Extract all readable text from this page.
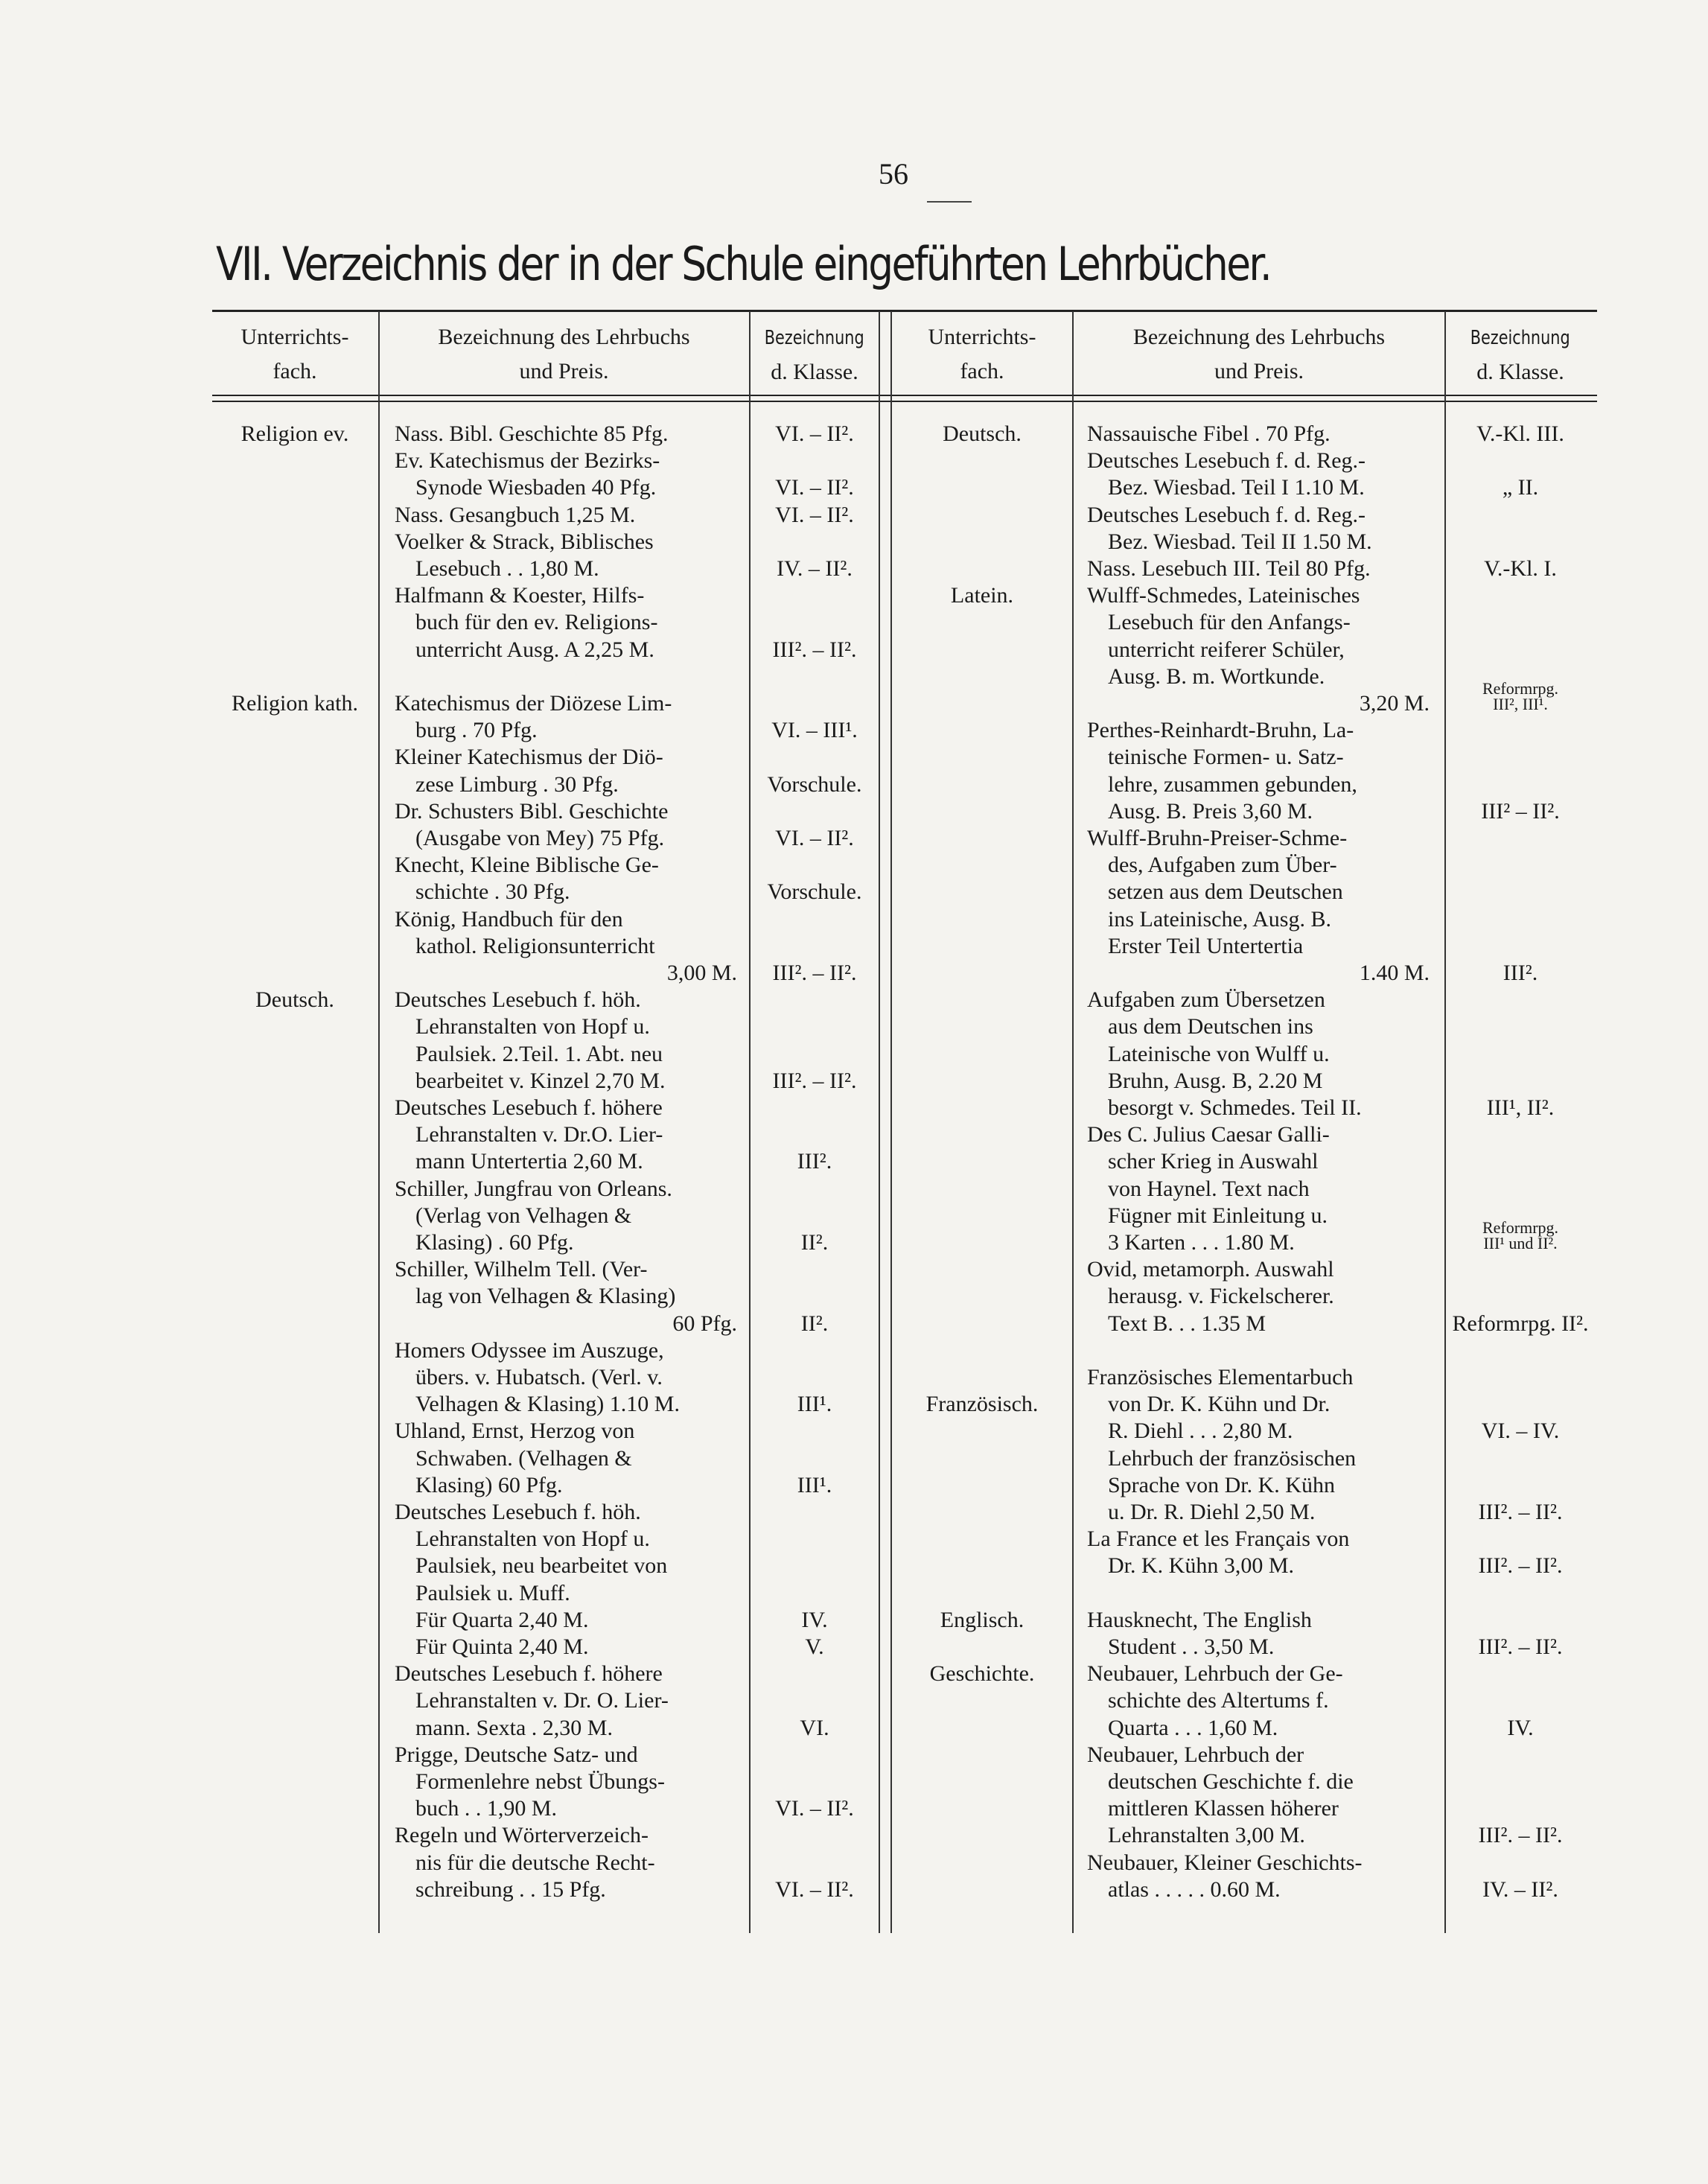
56
VII. Verzeichnis der in der Schule eingeführten Lehrbücher.
Unterrichts-
fach.
Bezeichnung des Lehrbuchs
und Preis.
Bezeichnung
d. Klasse.
Unterrichts-
fach.
Bezeichnung des Lehrbuchs
und Preis.
Bezeichnung
d. Klasse.
Religion ev.
Religion kath.
Deutsch.
Nass. Bibl. Geschichte 85 Pfg.
Ev. Katechismus der Bezirks-
Synode Wiesbaden 40 Pfg.
Nass. Gesangbuch 1,25 M.
Voelker & Strack, Biblisches
Lesebuch . . 1,80 M.
Halfmann & Koester, Hilfs-
buch für den ev. Religions-
unterricht Ausg. A 2,25 M.
Katechismus der Diözese Lim-
burg . 70 Pfg.
Kleiner Katechismus der Diö-
zese Limburg . 30 Pfg.
Dr. Schusters Bibl. Geschichte
(Ausgabe von Mey) 75 Pfg.
Knecht, Kleine Biblische Ge-
schichte . 30 Pfg.
König, Handbuch für den
kathol. Religionsunterricht
3,00 M.
Deutsches Lesebuch f. höh.
Lehranstalten von Hopf u.
Paulsiek. 2.Teil. 1. Abt. neu
bearbeitet v. Kinzel 2,70 M.
Deutsches Lesebuch f. höhere
Lehranstalten v. Dr.O. Lier-
mann Untertertia 2,60 M.
Schiller, Jungfrau von Orleans.
(Verlag von Velhagen &
Klasing) . 60 Pfg.
Schiller, Wilhelm Tell. (Ver-
lag von Velhagen & Klasing)
60 Pfg.
Homers Odyssee im Auszuge,
übers. v. Hubatsch. (Verl. v.
Velhagen & Klasing) 1.10 M.
Uhland, Ernst, Herzog von
Schwaben. (Velhagen &
Klasing) 60 Pfg.
Deutsches Lesebuch f. höh.
Lehranstalten von Hopf u.
Paulsiek, neu bearbeitet von
Paulsiek u. Muff.
Für Quarta 2,40 M.
Für Quinta 2,40 M.
Deutsches Lesebuch f. höhere
Lehranstalten v. Dr. O. Lier-
mann. Sexta . 2,30 M.
Prigge, Deutsche Satz- und
Formenlehre nebst Übungs-
buch . . 1,90 M.
Regeln und Wörterverzeich-
nis für die deutsche Recht-
schreibung . . 15 Pfg.
VI. – II².
VI. – II².
VI. – II².
IV. – II².
III². – II².
VI. – III¹.
Vorschule.
VI. – II².
Vorschule.
III². – II².
III². – II².
III².
II².
II².
III¹.
III¹.
IV.
V.
VI.
VI. – II².
VI. – II².
Deutsch.
Latein.
Französisch.
Englisch.
Geschichte.
Nassauische Fibel . 70 Pfg.
Deutsches Lesebuch f. d. Reg.-
Bez. Wiesbad. Teil I 1.10 M.
Deutsches Lesebuch f. d. Reg.-
Bez. Wiesbad. Teil II 1.50 M.
Nass. Lesebuch III. Teil 80 Pfg.
Wulff-Schmedes, Lateinisches
Lesebuch für den Anfangs-
unterricht reiferer Schüler,
Ausg. B. m. Wortkunde.
3,20 M.
Perthes-Reinhardt-Bruhn, La-
teinische Formen- u. Satz-
lehre, zusammen gebunden,
Ausg. B. Preis 3,60 M.
Wulff-Bruhn-Preiser-Schme-
des, Aufgaben zum Über-
setzen aus dem Deutschen
ins Lateinische, Ausg. B.
Erster Teil Untertertia
1.40 M.
Aufgaben zum Übersetzen
aus dem Deutschen ins
Lateinische von Wulff u.
Bruhn, Ausg. B, 2.20 M
besorgt v. Schmedes. Teil II.
Des C. Julius Caesar Galli-
scher Krieg in Auswahl
von Haynel. Text nach
Fügner mit Einleitung u.
3 Karten . . . 1.80 M.
Ovid, metamorph. Auswahl
herausg. v. Fickelscherer.
Text B. . . 1.35 M
Französisches Elementarbuch
von Dr. K. Kühn und Dr.
R. Diehl . . . 2,80 M.
Lehrbuch der französischen
Sprache von Dr. K. Kühn
u. Dr. R. Diehl 2,50 M.
La France et les Français von
Dr. K. Kühn 3,00 M.
Hausknecht, The English
Student . . 3,50 M.
Neubauer, Lehrbuch der Ge-
schichte des Altertums f.
Quarta . . . 1,60 M.
Neubauer, Lehrbuch der
deutschen Geschichte f. die
mittleren Klassen höherer
Lehranstalten 3,00 M.
Neubauer, Kleiner Geschichts-
atlas . . . . . 0.60 M.
V.-Kl. III.
„ II.
V.-Kl. I.
Reformrpg.
III², III¹.
III² – II².
III².
III¹, II².
Reformrpg.
III¹ und II².
Reformrpg. II².
VI. – IV.
III². – II².
III². – II².
III². – II².
IV.
III². – II².
IV. – II².
